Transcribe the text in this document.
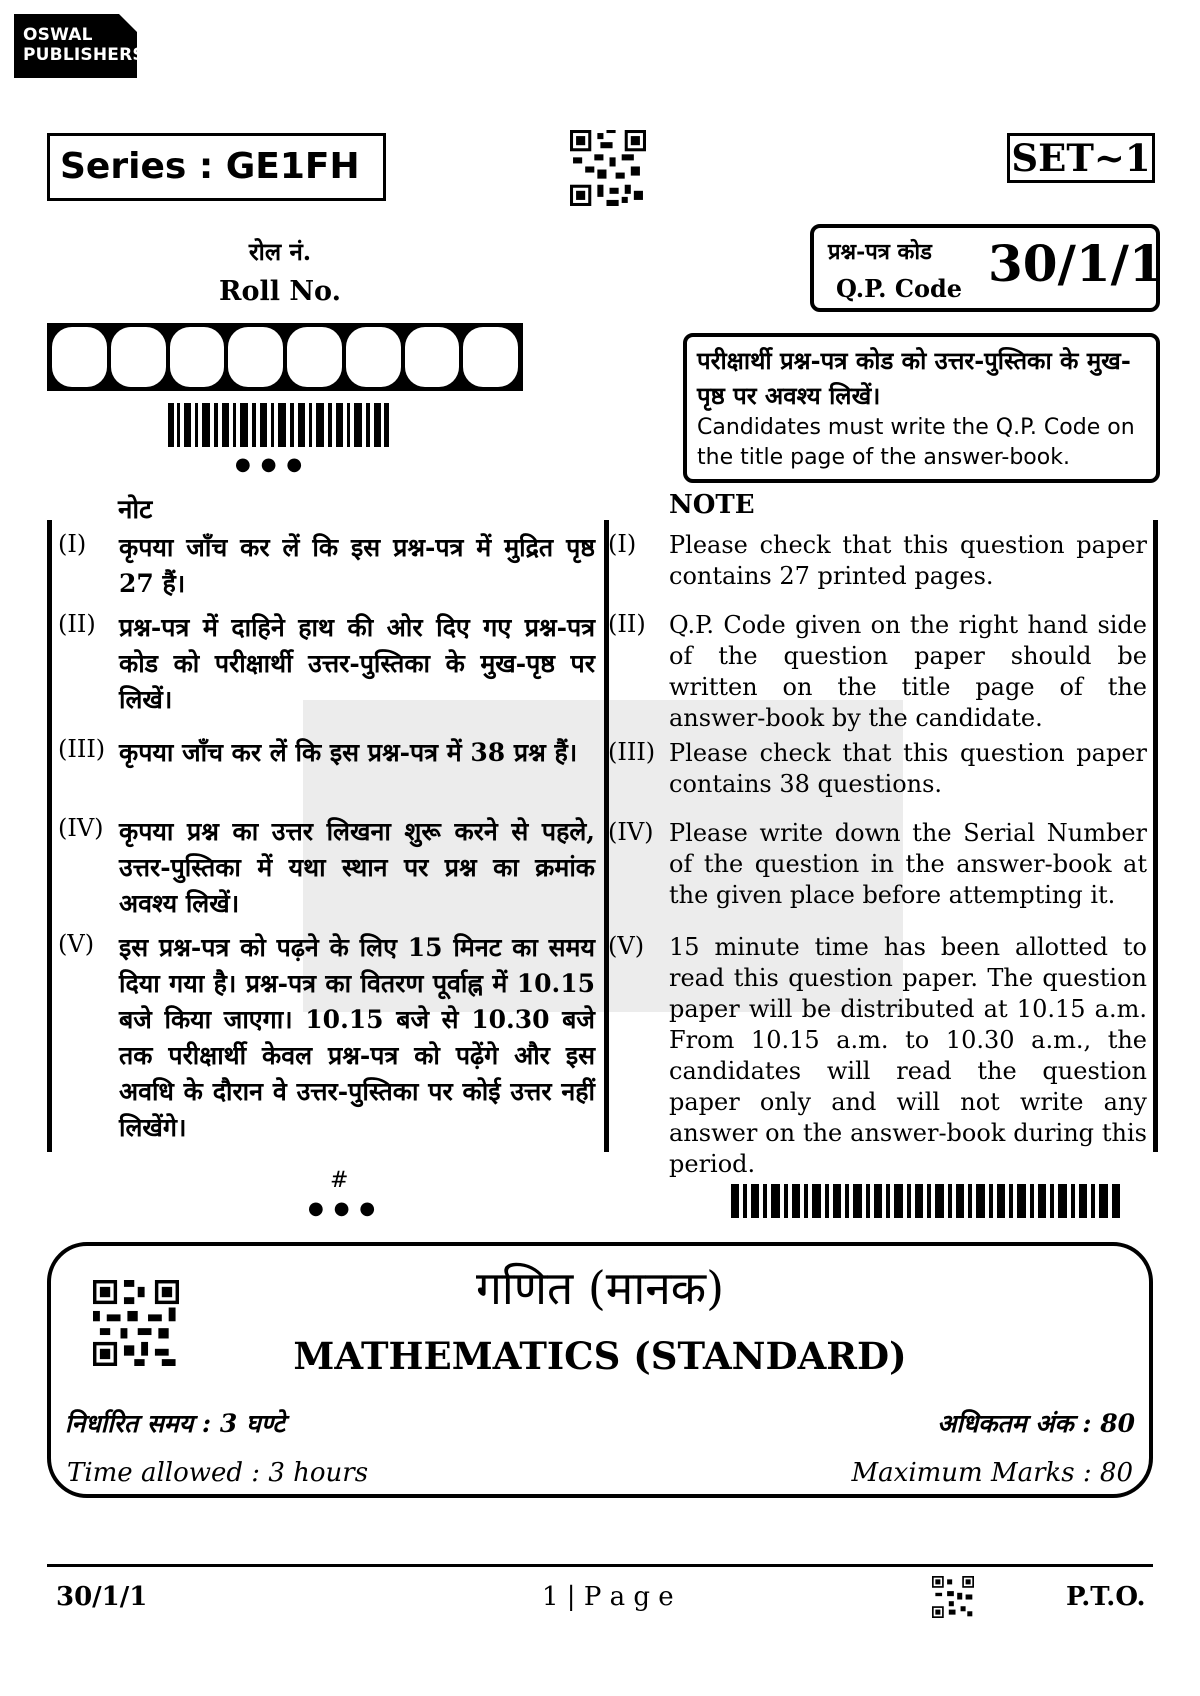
OSWAL
PUBLISHERS
Series : GE1FH	SET~1
रोल नं.
Roll No.
प्रश्न-पत्र कोड
Q.P. Code 30/1/1
●●●
परीक्षार्थी प्रश्न-पत्र कोड को उत्तर-पुस्तिका के मुख-पृष्ठ पर अवश्य लिखें।
Candidates must write the Q.P. Code on the title page of the answer-book.
नोट	NOTE
(I) कृपया जाँच कर लें कि इस प्रश्न-पत्र में मुद्रित पृष्ठ 27 हैं।
(II) प्रश्न-पत्र में दाहिने हाथ की ओर दिए गए प्रश्न-पत्र कोड को परीक्षार्थी उत्तर-पुस्तिका के मुख-पृष्ठ पर लिखें।
(III) कृपया जाँच कर लें कि इस प्रश्न-पत्र में 38 प्रश्न हैं।
(IV) कृपया प्रश्न का उत्तर लिखना शुरू करने से पहले, उत्तर-पुस्तिका में यथा स्थान पर प्रश्न का क्रमांक अवश्य लिखें।
(V) इस प्रश्न-पत्र को पढ़ने के लिए 15 मिनट का समय दिया गया है। प्रश्न-पत्र का वितरण पूर्वाह्न में 10.15 बजे किया जाएगा। 10.15 बजे से 10.30 बजे तक परीक्षार्थी केवल प्रश्न-पत्र को पढ़ेंगे और इस अवधि के दौरान वे उत्तर-पुस्तिका पर कोई उत्तर नहीं लिखेंगे।
(I) Please check that this question paper contains 27 printed pages.
(II) Q.P. Code given on the right hand side of the question paper should be written on the title page of the answer-book by the candidate.
(III) Please check that this question paper contains 38 questions.
(IV) Please write down the Serial Number of the question in the answer-book at the given place before attempting it.
(V) 15 minute time has been allotted to read this question paper. The question paper will be distributed at 10.15 a.m. From 10.15 a.m. to 10.30 a.m., the candidates will read the question paper only and will not write any answer on the answer-book during this period.
#
●●●
गणित (मानक)
MATHEMATICS (STANDARD)
निर्धारित समय : 3 घण्टे	अधिकतम अंक : 80
Time allowed : 3 hours	Maximum Marks : 80
30/1/1	1 | P a g e	P.T.O.
